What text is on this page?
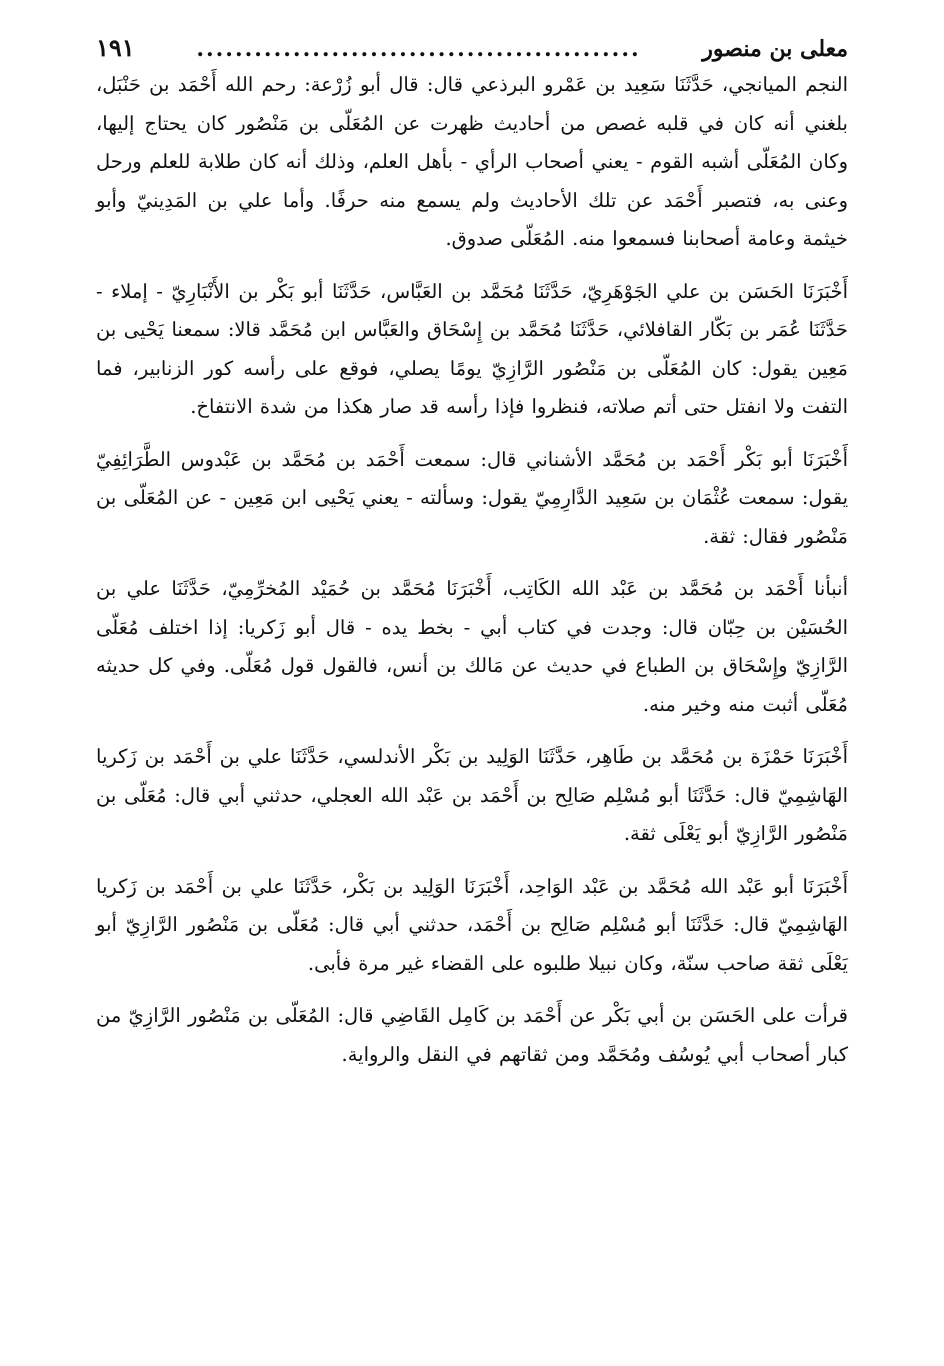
معلى بن منصور
..............................................
١٩١

النجم الميانجي، حَدَّثَنَا سَعِيد بن عَمْرو البرذعي قال: قال أبو زُرْعة: رحم الله أَحْمَد بن حَنْبَل، بلغني أنه كان في قلبه غصص من أحاديث ظهرت عن المُعَلّى بن مَنْصُور كان يحتاج إليها، وكان المُعَلّى أشبه القوم - يعني أصحاب الرأي - بأهل العلم، وذلك أنه كان طلابة للعلم ورحل وعنى به، فتصبر أَحْمَد عن تلك الأحاديث ولم يسمع منه حرفًا. وأما علي بن المَدِينيّ وأبو خيثمة وعامة أصحابنا فسمعوا منه. المُعَلّى صدوق.

أَخْبَرَنَا الحَسَن بن علي الجَوْهَرِيّ، حَدَّثَنَا مُحَمَّد بن العَبَّاس، حَدَّثَنَا أبو بَكْر بن الأَنْبَارِيّ - إملاء - حَدَّثَنَا عُمَر بن بَكّار القافلائي، حَدَّثَنَا مُحَمَّد بن إِسْحَاق والعَبَّاس ابن مُحَمَّد قالا: سمعنا يَحْيى بن مَعِين يقول: كان المُعَلّى بن مَنْصُور الرَّازِيّ يومًا يصلي، فوقع على رأسه كور الزنابير، فما التفت ولا انفتل حتى أتم صلاته، فنظروا فإذا رأسه قد صار هكذا من شدة الانتفاخ.

أَخْبَرَنَا أبو بَكْر أَحْمَد بن مُحَمَّد الأشناني قال: سمعت أَحْمَد بن مُحَمَّد بن عَبْدوس الطَّرَائِفِيّ يقول: سمعت عُثْمَان بن سَعِيد الدَّارِمِيّ يقول: وسألته - يعني يَحْيى ابن مَعِين - عن المُعَلّى بن مَنْصُور فقال: ثقة.

أنبأنا أَحْمَد بن مُحَمَّد بن عَبْد الله الكَاتِب، أَخْبَرَنَا مُحَمَّد بن حُمَيْد المُخرِّمِيّ، حَدَّثَنَا علي بن الحُسَيْن بن حِبّان قال: وجدت في كتاب أبي - بخط يده - قال أبو زَكريا: إذا اختلف مُعَلّى الرَّازِيّ وإِسْحَاق بن الطباع في حديث عن مَالك بن أنس، فالقول قول مُعَلّى. وفي كل حديثه مُعَلّى أثبت منه وخير منه.

أَخْبَرَنَا حَمْزَة بن مُحَمَّد بن طَاهِر، حَدَّثَنَا الوَلِيد بن بَكْر الأندلسي، حَدَّثَنَا علي بن أَحْمَد بن زَكريا الهَاشِمِيّ قال: حَدَّثَنَا أبو مُسْلِم صَالِح بن أَحْمَد بن عَبْد الله العجلي، حدثني أبي قال: مُعَلّى بن مَنْصُور الرَّازِيّ أبو يَعْلَى ثقة.

أَخْبَرَنَا أبو عَبْد الله مُحَمَّد بن عَبْد الوَاحِد، أَخْبَرَنَا الوَلِيد بن بَكْر، حَدَّثَنَا علي بن أَحْمَد بن زَكريا الهَاشِمِيّ قال: حَدَّثَنَا أبو مُسْلِم صَالِح بن أَحْمَد، حدثني أبي قال: مُعَلّى بن مَنْصُور الرَّازِيّ أبو يَعْلَى ثقة صاحب سنّة، وكان نبيلا طلبوه على القضاء غير مرة فأبى.

قرأت على الحَسَن بن أبي بَكْر عن أَحْمَد بن كَامِل القَاضِي قال: المُعَلّى بن مَنْصُور الرَّازِيّ من كبار أصحاب أبي يُوسُف ومُحَمَّد ومن ثقاتهم في النقل والرواية.
